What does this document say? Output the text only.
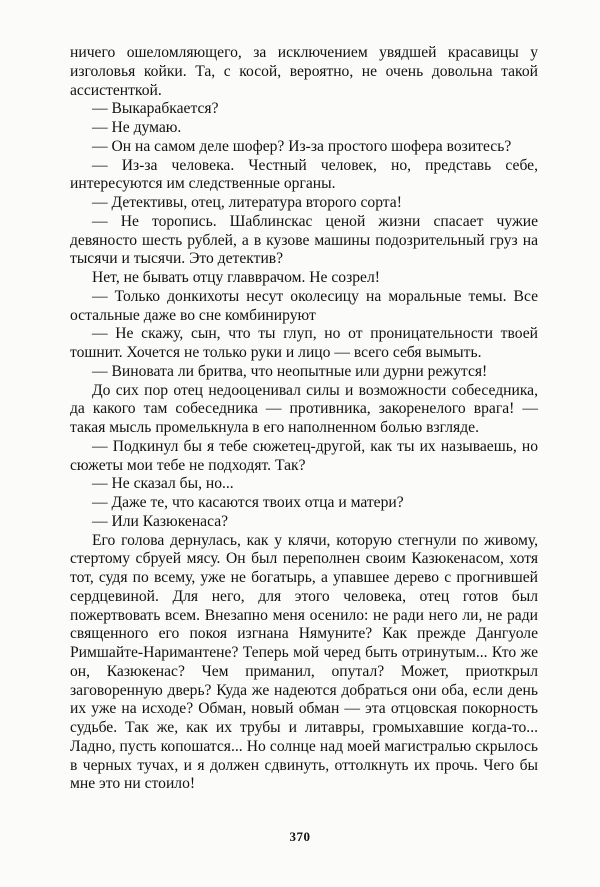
ничего ошеломляющего, за исключением увядшей красавицы у изголовья койки. Та, с косой, вероятно, не очень довольна такой ассистенткой.

— Выкарабкается?

— Не думаю.

— Он на самом деле шофер? Из-за простого шофера возитесь?

— Из-за человека. Честный человек, но, представь себе, интересуются им следственные органы.

— Детективы, отец, литература второго сорта!

— Не торопись. Шаблинскас ценой жизни спасает чужие девяносто шесть рублей, а в кузове машины подозрительный груз на тысячи и тысячи. Это детектив?

Нет, не бывать отцу главврачом. Не созрел!

— Только донкихоты несут околесицу на моральные темы. Все остальные даже во сне комбинируют

— Не скажу, сын, что ты глуп, но от проницательности твоей тошнит. Хочется не только руки и лицо — всего себя вымыть.

— Виновата ли бритва, что неопытные или дурни режутся!

До сих пор отец недооценивал силы и возможности собеседника, да какого там собеседника — противника, закоренелого врага! — такая мысль промелькнула в его наполненном болью взгляде.

— Подкинул бы я тебе сюжетец-другой, как ты их называешь, но сюжеты мои тебе не подходят. Так?

— Не сказал бы, но...

— Даже те, что касаются твоих отца и матери?

— Или Казюкенаса?

Его голова дернулась, как у клячи, которую стегнули по живому, стертому сбруей мясу. Он был переполнен своим Казюкенасом, хотя тот, судя по всему, уже не богатырь, а упавшее дерево с прогнившей сердцевиной. Для него, для этого человека, отец готов был пожертвовать всем. Внезапно меня осенило: не ради него ли, не ради священного его покоя изгнана Нямуните? Как прежде Дангуоле Римшайте-Наримантене? Теперь мой черед быть отринутым... Кто же он, Казюкенас? Чем приманил, опутал? Может, приоткрыл заговоренную дверь? Куда же надеются добраться они оба, если день их уже на исходе? Обман, новый обман — эта отцовская покорность судьбе. Так же, как их трубы и литавры, громыхавшие когда-то... Ладно, пусть копошатся... Но солнце над моей магистралью скрылось в черных тучах, и я должен сдвинуть, оттолкнуть их прочь. Чего бы мне это ни стоило!

370
